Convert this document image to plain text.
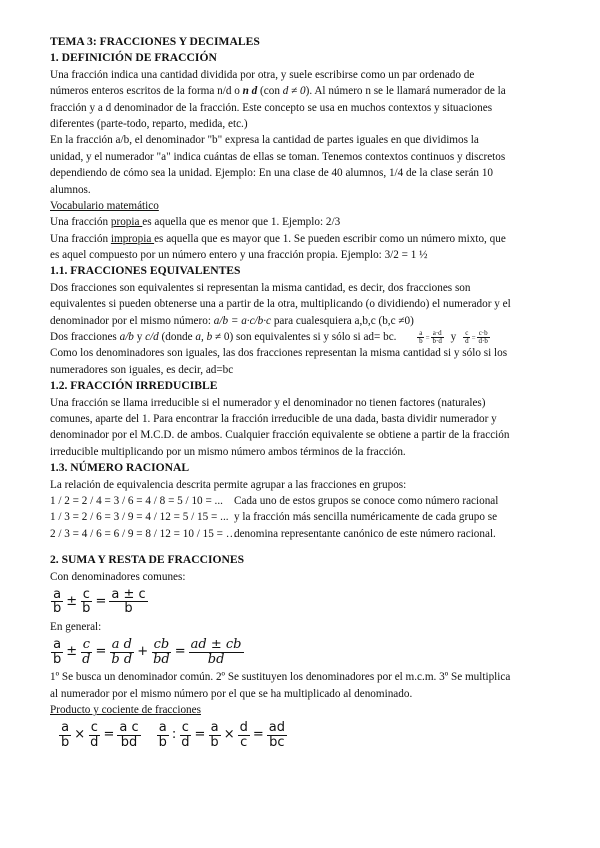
TEMA 3: FRACCIONES Y DECIMALES
1. DEFINICIÓN DE FRACCIÓN
Una fracción indica una cantidad dividida por otra, y suele escribirse como un par ordenado de
números enteros escritos de la forma n/d o n d (con d ≠ 0). Al número n se le llamará numerador de la
fracción y a d denominador de la fracción. Este concepto se usa en muchos contextos y situaciones
diferentes (parte-todo, reparto, medida, etc.)
En la fracción a/b, el denominador "b" expresa la cantidad de partes iguales en que dividimos la
unidad, y el numerador "a" indica cuántas de ellas se toman. Tenemos contextos continuos y discretos
dependiendo de cómo sea la unidad. Ejemplo: En una clase de 40 alumnos, 1/4 de la clase serán 10
alumnos.
Vocabulario matemático
Una fracción propia es aquella que es menor que 1. Ejemplo: 2/3
Una fracción impropia es aquella que es mayor que 1. Se pueden escribir como un número mixto, que
es aquel compuesto por un número entero y una fracción propia. Ejemplo: 3/2 = 1 ½
1.1. FRACCIONES EQUIVALENTES
Dos fracciones son equivalentes si representan la misma cantidad, es decir, dos fracciones son
equivalentes si pueden obtenerse una a partir de la otra, multiplicando (o dividiendo) el numerador y el
denominador por el mismo número: a/b = a·c/b·c para cualesquiera a,b,c (b,c ≠0)
Dos fracciones a/b y c/d (donde a, b ≠ 0) son equivalentes si y sólo si ad= bc.	$\frac{a}{b} = \frac{a\cdot d}{b\cdot d}$ y $\frac{c}{d} = \frac{c\cdot b}{d\cdot b}$
Como los denominadores son iguales, las dos fracciones representan la misma cantidad si y sólo si los
numeradores son iguales, es decir, ad=bc
1.2. FRACCIÓN IRREDUCIBLE
Una fracción se llama irreducible si el numerador y el denominador no tienen factores (naturales)
comunes, aparte del 1. Para encontrar la fracción irreducible de una dada, basta dividir numerador y
denominador por el M.C.D. de ambos. Cualquier fracción equivalente se obtiene a partir de la fracción
irreducible multiplicando por un mismo número ambos términos de la fracción.
1.3. NÚMERO RACIONAL
La relación de equivalencia descrita permite agrupar a las fracciones en grupos:
1 / 2 = 2 / 4 = 3 / 6 = 4 / 8 = 5 / 10 = ... Cada uno de estos grupos se conoce como número racional
1 / 3 = 2 / 6 = 3 / 9 = 4 / 12 = 5 / 15 = ... y la fracción más sencilla numéricamente de cada grupo se
2 / 3 = 4 / 6 = 6 / 9 = 8 / 12 = 10 / 15 = …
denomina representante canónico de este número racional.
2. SUMA Y RESTA DE FRACCIONES
Con denominadores comunes:
$\frac{a}{b} \pm \frac{c}{b} = \frac{a \pm c}{b}$
En general:
$\frac{a}{b} \pm \frac{c}{d} = \frac{\text{a d}}{\text{b d}} + \frac{cb}{bd} = \frac{ad \pm cb}{bd}$
1º Se busca un denominador común. 2º Se sustituyen los denominadores por el m.c.m. 3º Se multiplica
al numerador por el mismo número por el que se ha multiplicado al denominado.
Producto y cociente de fracciones
$\frac{a}{b} \times \frac{c}{d} = \frac{\text{a c}}{bd} \frac{a}{b}$ : $\frac{c}{d} = \frac{a}{b} \times \frac{d}{c} = \frac{ad}{bc}$
